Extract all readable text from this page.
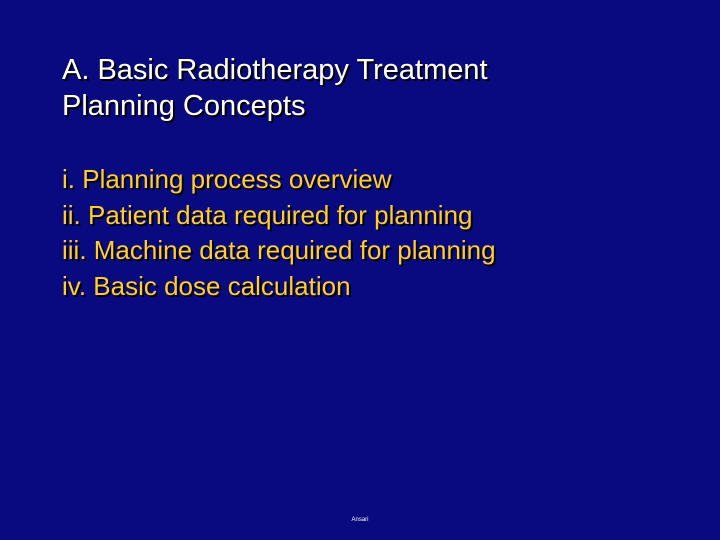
A. Basic Radiotherapy Treatment
Planning Concepts
i. Planning process overview
ii. Patient data required for planning
iii. Machine data required for planning
iv. Basic dose calculation
Ansari
